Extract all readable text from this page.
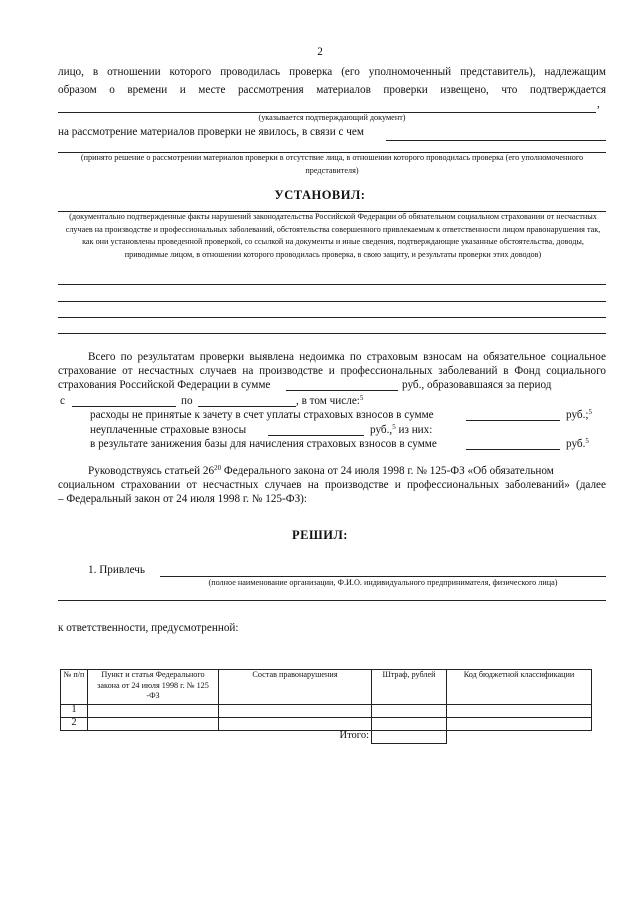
2
лицо, в отношении которого проводилась проверка (его уполномоченный представитель), надлежащим
образом о времени и месте рассмотрения материалов проверки извещено, что подтверждается
,
(указывается подтверждающий документ)
на рассмотрение материалов проверки не явилось, в связи с чем
(принято решение о рассмотрении материалов проверки в отсутствие лица, в отношении которого проводилась проверка (его уполномоченного представителя)
УСТАНОВИЛ:
(документально подтвержденные факты нарушений законодательства Российской Федерации об обязательном социальном страховании от несчастных случаев на производстве и профессиональных заболеваний, обстоятельства совершенного привлекаемым к ответственности лицом правонарушения так, как они установлены проведенной проверкой, со ссылкой на документы и иные сведения, подтверждающие указанные обстоятельства, доводы, приводимые лицом, в отношении которого проводилась проверка, в свою защиту, и результаты проверки этих доводов)
Всего по результатам проверки выявлена недоимка по страховым взносам на обязательное социальное
страхование от несчастных случаев на производстве и профессиональных заболеваний в Фонд социального
страхования Российской Федерации в сумме	руб., образовавшаяся за период
с	по	, в том числе:$^5$
расходы не принятые к зачету в счет уплаты страховых взносов в сумме	руб.;$^5$
неуплаченные страховые взносы	руб.,$^5$ из них:
в результате занижения базы для начисления страховых взносов в сумме	руб.$^5$
Руководствуясь статьей $26^{20}$ Федерального закона от 24 июля 1998 г. № 125-ФЗ «Об обязательном
социальном страховании от несчастных случаев на производстве и профессиональных заболеваний» (далее
– Федеральный закон от 24 июля 1998 г. № 125-ФЗ):
РЕШИЛ:
1. Привлечь
(полное наименование организации, Ф.И.О. индивидуального предпринимателя, физического лица)
к ответственности, предусмотренной:
№ п/п	Пункт и статья Федерального закона от 24 июля 1998 г. № 125 -ФЗ	Состав правонарушения	Штраф, рублей	Код бюджетной классификации
1				
2				
Итого:				
